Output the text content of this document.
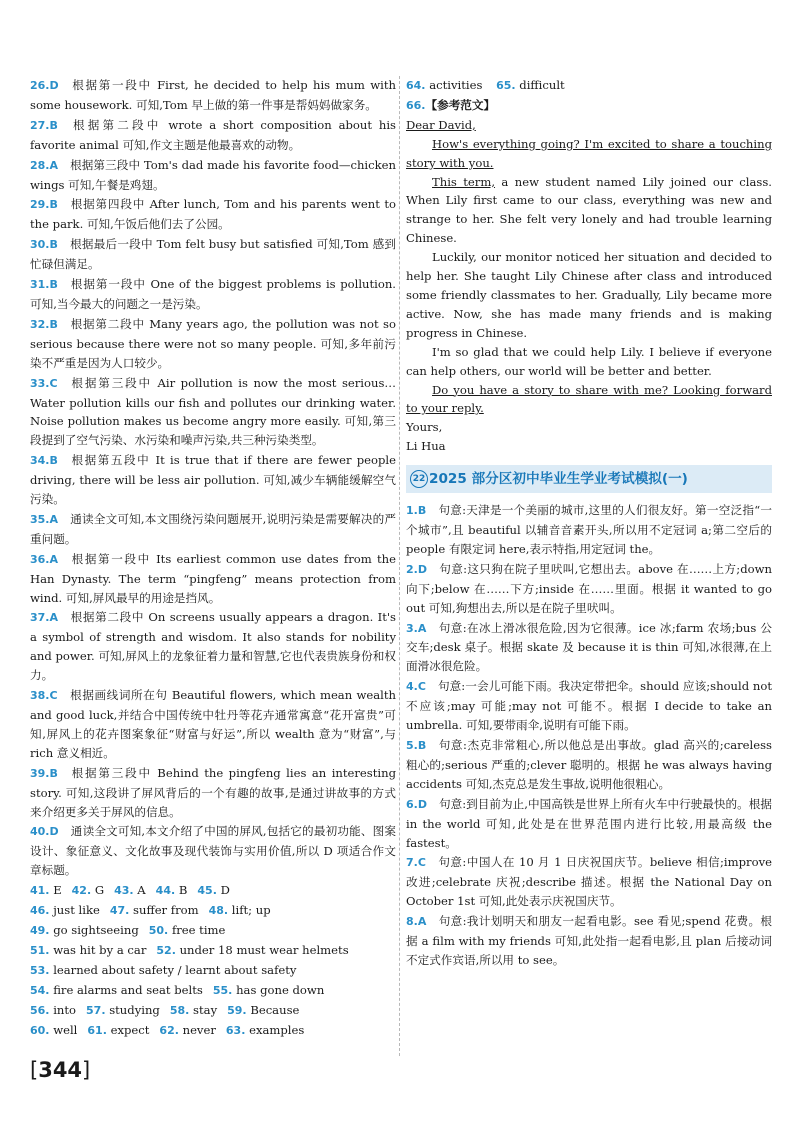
26.D 根据第一段中 First, he decided to help his mum with some housework. 可知,Tom 早上做的第一件事是帮妈妈做家务。

27.B 根据第二段中 wrote a short composition about his favorite animal 可知,作文主题是他最喜欢的动物。

28.A 根据第三段中 Tom's dad made his favorite food—chicken wings 可知,午餐是鸡翅。

29.B 根据第四段中 After lunch, Tom and his parents went to the park. 可知,午饭后他们去了公园。

30.B 根据最后一段中 Tom felt busy but satisfied 可知,Tom 感到忙碌但满足。

31.B 根据第一段中 One of the biggest problems is pollution. 可知,当今最大的问题之一是污染。

32.B 根据第二段中 Many years ago, the pollution was not so serious because there were not so many people. 可知,多年前污染不严重是因为人口较少。

33.C 根据第三段中 Air pollution is now the most serious…Water pollution kills our fish and pollutes our drinking water. Noise pollution makes us become angry more easily. 可知,第三段提到了空气污染、水污染和噪声污染,共三种污染类型。

34.B 根据第五段中 It is true that if there are fewer people driving, there will be less air pollution. 可知,减少车辆能缓解空气污染。

35.A 通读全文可知,本文围绕污染问题展开,说明污染是需要解决的严重问题。

36.A 根据第一段中 Its earliest common use dates from the Han Dynasty. The term “pingfeng” means protection from wind. 可知,屏风最早的用途是挡风。

37.A 根据第二段中 On screens usually appears a dragon. It's a symbol of strength and wisdom. It also stands for nobility and power. 可知,屏风上的龙象征着力量和智慧,它也代表贵族身份和权力。

38.C 根据画线词所在句 Beautiful flowers, which mean wealth and good luck,并结合中国传统中牡丹等花卉通常寓意“花开富贵”可知,屏风上的花卉图案象征“财富与好运”,所以 wealth 意为“财富”,与 rich 意义相近。

39.B 根据第三段中 Behind the pingfeng lies an interesting story. 可知,这段讲了屏风背后的一个有趣的故事,是通过讲故事的方式来介绍更多关于屏风的信息。

40.D 通读全文可知,本文介绍了中国的屏风,包括它的最初功能、图案设计、象征意义、文化故事及现代装饰与实用价值,所以 D 项适合作文章标题。

41. E 42. G 43. A 44. B 45. D

46. just like 47. suffer from 48. lift; up

49. go sightseeing 50. free time

51. was hit by a car 52. under 18 must wear helmets

53. learned about safety / learnt about safety

54. fire alarms and seat belts 55. has gone down

56. into 57. studying 58. stay 59. Because

60. well 61. expect 62. never 63. examples

64. activities 65. difficult

66.【参考范文】

Dear David,

How's everything going? I'm excited to share a touching story with you.

This term, a new student named Lily joined our class. When Lily first came to our class, everything was new and strange to her. She felt very lonely and had trouble learning Chinese.

Luckily, our monitor noticed her situation and decided to help her. She taught Lily Chinese after class and introduced some friendly classmates to her. Gradually, Lily became more active. Now, she has made many friends and is making progress in Chinese.

I'm so glad that we could help Lily. I believe if everyone can help others, our world will be better and better.

Do you have a story to share with me? Looking forward to your reply.

Yours,

Li Hua

22 2025 部分区初中毕业生学业考试模拟(一)

1.B 句意:天津是一个美丽的城市,这里的人们很友好。第一空泛指“一个城市”,且 beautiful 以辅音音素开头,所以用不定冠词 a;第二空后的 people 有限定词 here,表示特指,用定冠词 the。

2.D 句意:这只狗在院子里吠叫,它想出去。above 在……上方;down 向下;below 在……下方;inside 在……里面。根据 it wanted to go out 可知,狗想出去,所以是在院子里吠叫。

3.A 句意:在冰上滑冰很危险,因为它很薄。ice 冰;farm 农场;bus 公交车;desk 桌子。根据 skate 及 because it is thin 可知,冰很薄,在上面滑冰很危险。

4.C 句意:一会儿可能下雨。我决定带把伞。should 应该;should not 不应该;may 可能;may not 可能不。根据 I decide to take an umbrella. 可知,要带雨伞,说明有可能下雨。

5.B 句意:杰克非常粗心,所以他总是出事故。glad 高兴的;careless 粗心的;serious 严重的;clever 聪明的。根据 he was always having accidents 可知,杰克总是发生事故,说明他很粗心。

6.D 句意:到目前为止,中国高铁是世界上所有火车中行驶最快的。根据 in the world 可知,此处是在世界范围内进行比较,用最高级 the fastest。

7.C 句意:中国人在 10 月 1 日庆祝国庆节。believe 相信;improve 改进;celebrate 庆祝;describe 描述。根据 the National Day on October 1st 可知,此处表示庆祝国庆节。

8.A 句意:我计划明天和朋友一起看电影。see 看见;spend 花费。根据 a film with my friends 可知,此处指一起看电影,且 plan 后接动词不定式作宾语,所以用 to see。

[344]
